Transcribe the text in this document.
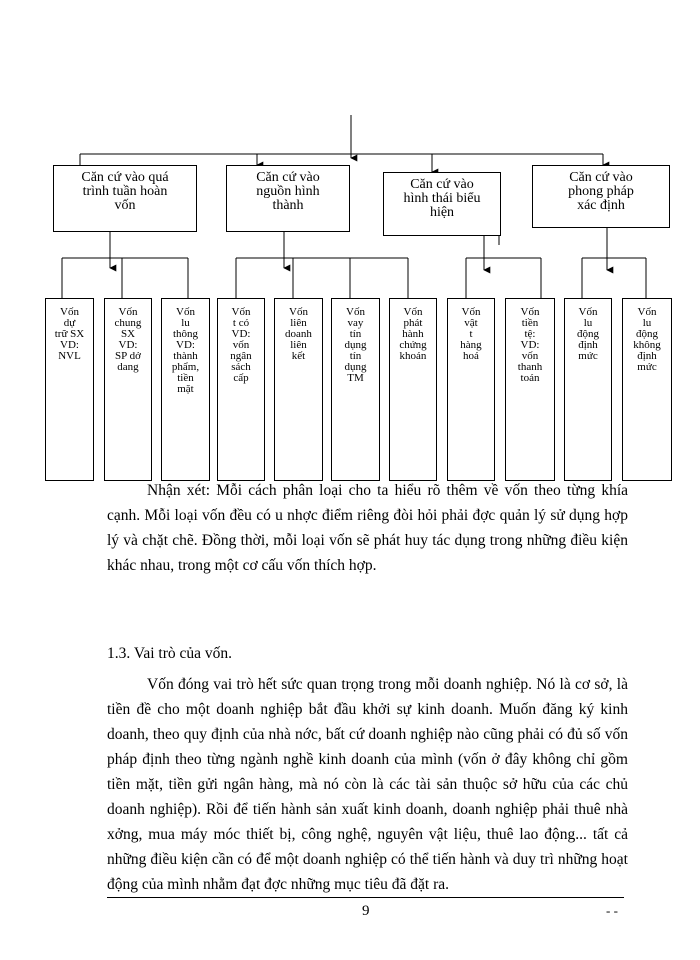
Căn cứ vào quá
trình tuần hoàn
vốn
Căn cứ vào
nguồn hình
thành
Căn cứ vào
hình thái biểu
hiện
Căn cứ vào
phong pháp
xác định
Vốn
dự
trữ SX
VD:
NVL
Vốn
chung
SX
VD:
SP dở
dang
Vốn
lu
thông
VD:
thành
phẩm,
tiền
mặt
Vốn
t có
VD:
vốn
ngân
sách
cấp
Vốn
liên
doanh
liên
kết
Vốn
vay
tín
dụng
tín
dụng
TM
Vốn
phát
hành
chứng
khoán
Vốn
vật
t
hàng
hoá
Vốn
tiền
tệ:
VD:
vốn
thanh
toán
Vốn
lu
động
định
mức
Vốn
lu
động
không
định
mức

Nhận xét: Mỗi cách phân loại cho ta hiểu rõ thêm về vốn theo từng khía cạnh. Mỗi loại vốn đều có u nhợc điểm riêng đòi hỏi phải đợc quản lý sử dụng hợp lý và chặt chẽ. Đồng thời, mỗi loại vốn sẽ phát huy tác dụng trong những điều kiện khác nhau, trong một cơ cấu vốn thích hợp.

1.3. Vai trò của vốn.

Vốn đóng vai trò hết sức quan trọng trong mỗi doanh nghiệp. Nó là cơ sở, là tiền đề cho một doanh nghiệp bắt đầu khởi sự kinh doanh. Muốn đăng ký kinh doanh, theo quy định của nhà nớc, bất cứ doanh nghiệp nào cũng phải có đủ số vốn pháp định theo từng ngành nghề kinh doanh của mình (vốn ở đây không chỉ gồm tiền mặt, tiền gửi ngân hàng, mà nó còn là các tài sản thuộc sở hữu của các chủ doanh nghiệp). Rồi để tiến hành sản xuất kinh doanh, doanh nghiệp phải thuê nhà xởng, mua máy móc thiết bị, công nghệ, nguyên vật liệu, thuê lao động... tất cả những điều kiện cần có để một doanh nghiệp có thể tiến hành và duy trì những hoạt động của mình nhằm đạt đợc những mục tiêu đã đặt ra.

9	- -
